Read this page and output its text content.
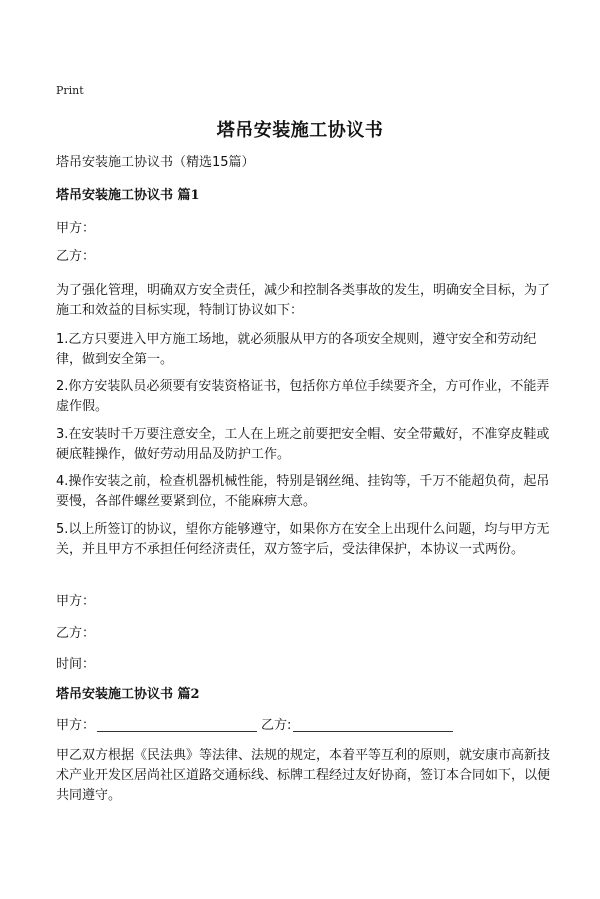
Print
塔吊安装施工协议书
塔吊安装施工协议书（精选15篇）
塔吊安装施工协议书 篇1
甲方：
乙方：
为了强化管理，明确双方安全责任，减少和控制各类事故的发生，明确安全目标，为了施工和效益的目标实现，特制订协议如下：
1.乙方只要进入甲方施工场地，就必须服从甲方的各项安全规则，遵守安全和劳动纪律，做到安全第一。
2.你方安装队员必须要有安装资格证书，包括你方单位手续要齐全，方可作业，不能弄虚作假。
3.在安装时千万要注意安全，工人在上班之前要把安全帽、安全带戴好，不准穿皮鞋或硬底鞋操作，做好劳动用品及防护工作。
4.操作安装之前，检查机器机械性能，特别是钢丝绳、挂钩等，千万不能超负荷，起吊要慢，各部件螺丝要紧到位，不能麻痹大意。
5.以上所签订的协议，望你方能够遵守，如果你方在安全上出现什么问题，均与甲方无关，并且甲方不承担任何经济责任，双方签字后，受法律保护，本协议一式两份。
甲方：
乙方：
时间：
塔吊安装施工协议书 篇2
甲方：	乙方:
甲乙双方根据《民法典》等法律、法规的规定，本着平等互利的原则，就安康市高新技术产业开发区居尚社区道路交通标线、标牌工程经过友好协商，签订本合同如下，以便共同遵守。
